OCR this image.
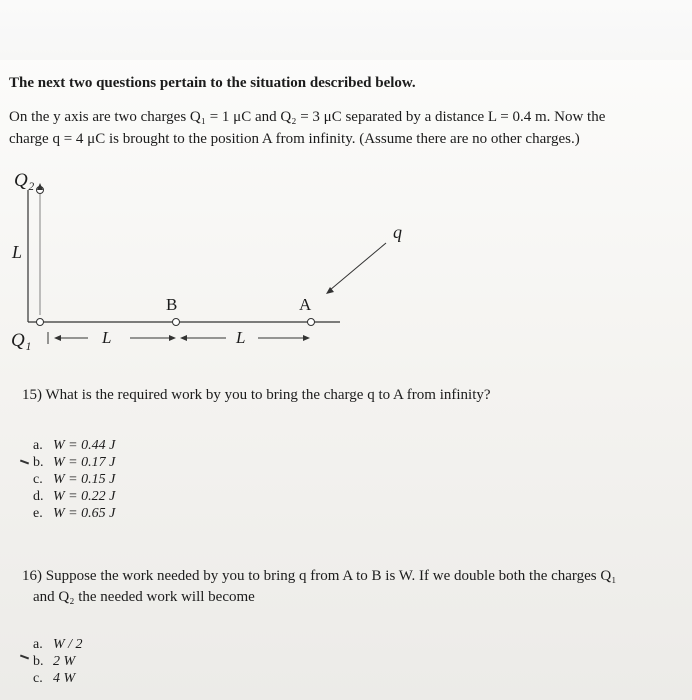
The next two questions pertain to the situation described below.
On the y axis are two charges Q₁ = 1 μC and Q₂ = 3 μC separated by a distance L = 0.4 m. Now the
charge q = 4 μC is brought to the position A from infinity. (Assume there are no other charges.)
Q₂
Q₁
L
L	L
B	A
q
15) What is the required work by you to bring the charge q to A from infinity?
a. W = 0.44 J
b. W = 0.17 J
c. W = 0.15 J
d. W = 0.22 J
e. W = 0.65 J
16) Suppose the work needed by you to bring q from A to B is W. If we double both the charges Q₁
and Q₂ the needed work will become
a. W / 2
b. 2 W
c. 4 W
